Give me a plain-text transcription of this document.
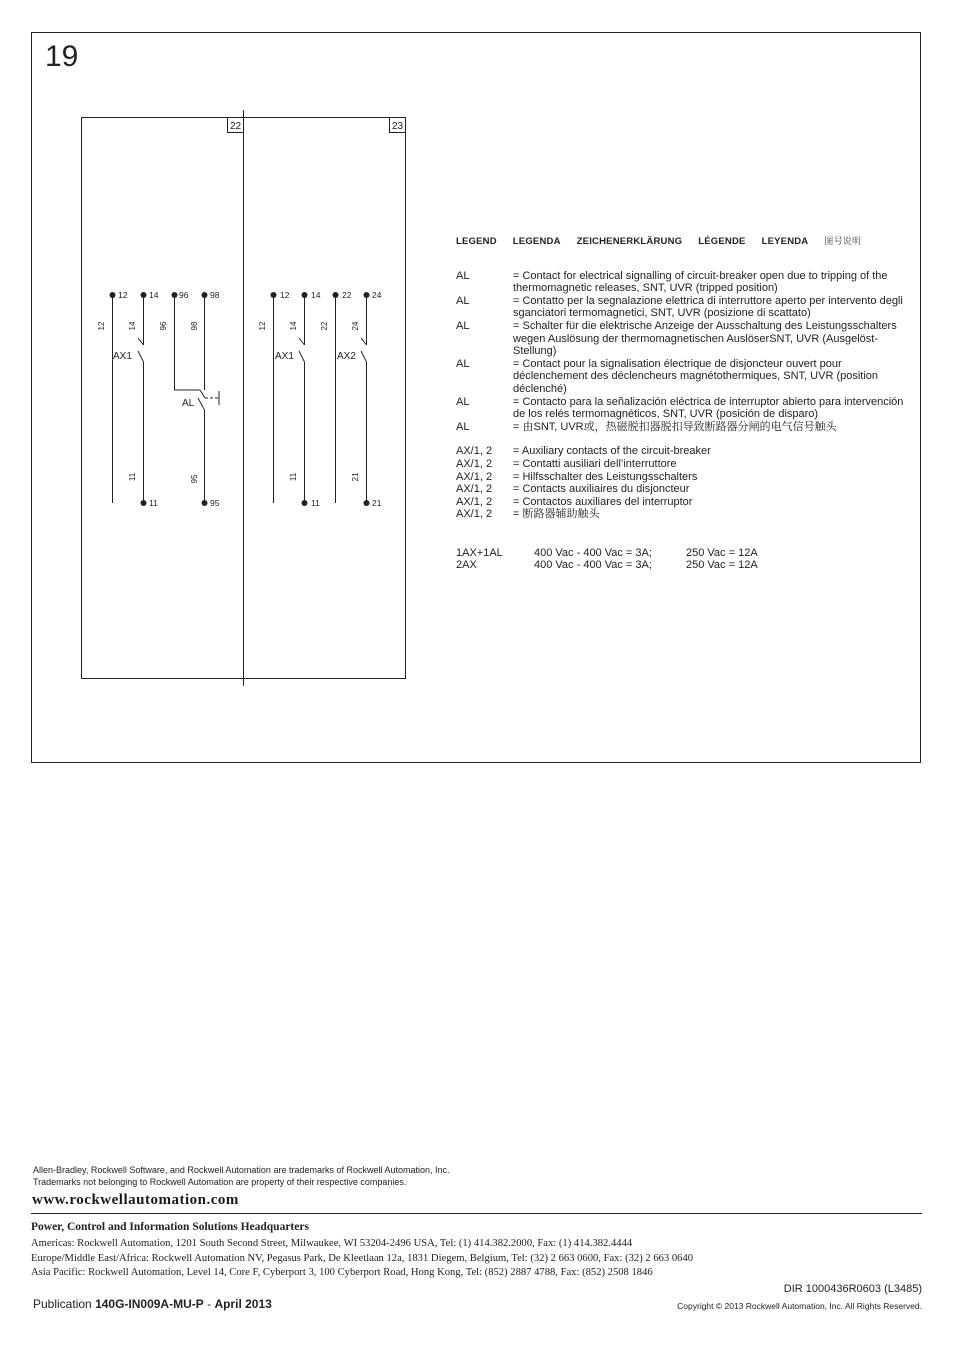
19
22	23
12	14 96	98
12	14	96	98
11	95
11	95
AX1
AL
12	14	22 24
12	14	22	24
11	21
11	21
AX1	AX2
LEGEND LEGENDA ZEICHENERKLÄRUNG LÉGENDE LEYENDA 图号说明
AL	= Contact for electrical signalling of circuit-breaker open due to tripping of the thermomagnetic releases, SNT, UVR (tripped position)
AL	= Contatto per la segnalazione elettrica di interruttore aperto per intervento degli sganciatori termomagnetici, SNT, UVR (posizione di scattato)
AL	= Schalter für die elektrische Anzeige der Ausschaltung des Leistungsschalters wegen Auslösung der thermomagnetischen AuslöserSNT, UVR (Ausgelöst-Stellung)
AL	= Contact pour la signalisation électrique de disjoncteur ouvert pour déclenchement des déclencheurs magnétothermiques, SNT, UVR (position déclenché)
AL	= Contacto para la señalización eléctrica de interruptor abierto para intervención de los relés termomagnéticos, SNT, UVR (posición de disparo)
AL	= 由SNT, UVR或，热磁脱扣器脱扣导致断路器分闸的电气信号触头
AX/1, 2	= Auxiliary contacts of the circuit-breaker
AX/1, 2	= Contatti ausiliari dell’interruttore
AX/1, 2	= Hilfsschalter des Leistungsschalters
AX/1, 2	= Contacts auxiliaires du disjoncteur
AX/1, 2	= Contactos auxiliares del interruptor
AX/1, 2	= 断路器辅助触头
1AX+1AL	400 Vac - 400 Vac = 3A;	250 Vac = 12A
2AX	400 Vac - 400 Vac = 3A;	250 Vac = 12A
Allen-Bradley, Rockwell Software, and Rockwell Automation are trademarks of Rockwell Automation, Inc.
Trademarks not belonging to Rockwell Automation are property of their respective companies.
www.rockwellautomation.com
Power, Control and Information Solutions Headquarters
Americas: Rockwell Automation, 1201 South Second Street, Milwaukee, WI 53204-2496 USA, Tel: (1) 414.382.2000, Fax: (1) 414.382.4444
Europe/Middle East/Africa: Rockwell Automation NV, Pegasus Park, De Kleetlaan 12a, 1831 Diegem, Belgium, Tel: (32) 2 663 0600, Fax: (32) 2 663 0640
Asia Pacific: Rockwell Automation, Level 14, Core F, Cyberport 3, 100 Cyberport Road, Hong Kong, Tel: (852) 2887 4788, Fax: (852) 2508 1846
DIR 1000436R0603 (L3485)
Publication 140G-IN009A-MU-P - April 2013	Copyright © 2013 Rockwell Automation, Inc. All Rights Reserved.
